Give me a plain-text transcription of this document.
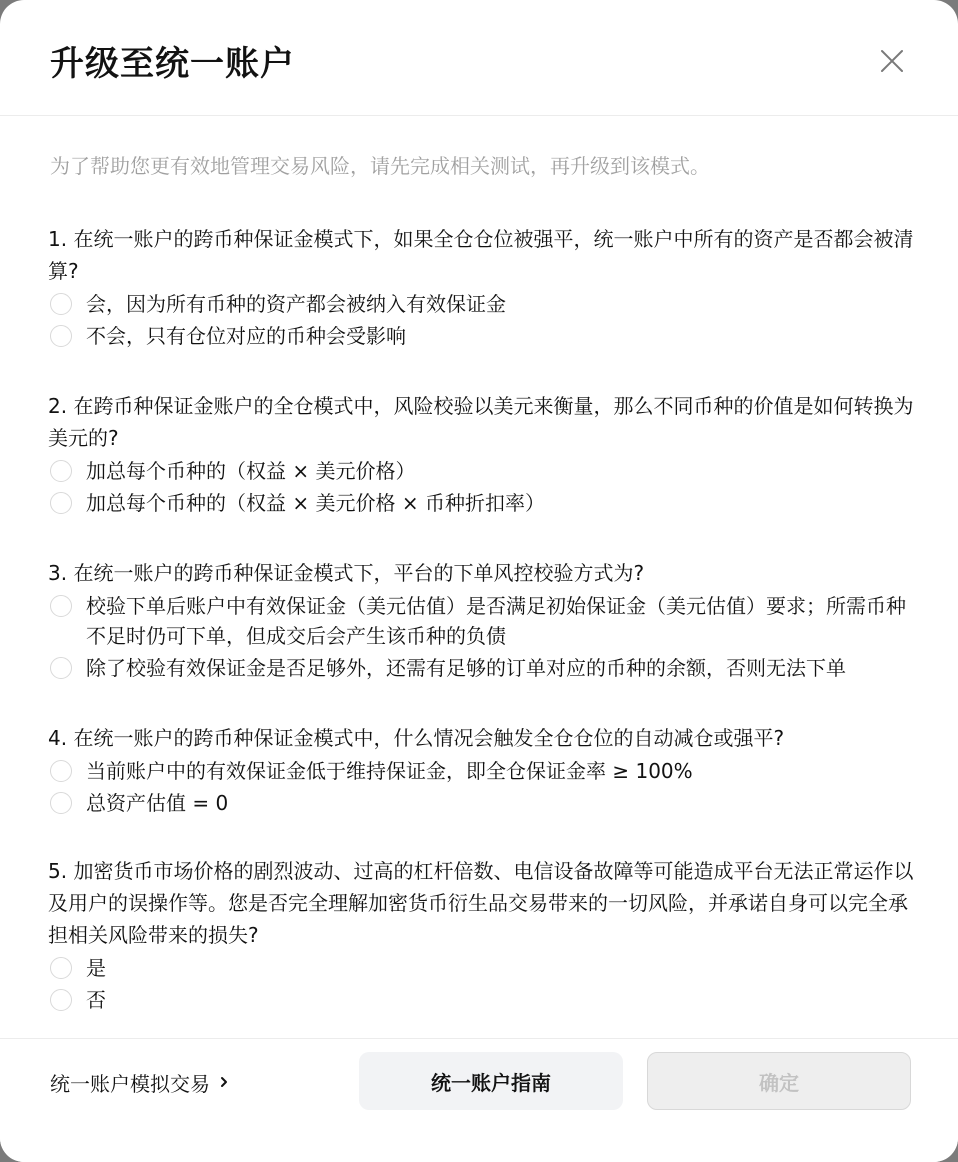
升级至统一账户

为了帮助您更有效地管理交易风险，请先完成相关测试，再升级到该模式。

1. 在统一账户的跨币种保证金模式下，如果全仓仓位被强平，统一账户中所有的资产是否都会被清算?

会，因为所有币种的资产都会被纳入有效保证金
不会，只有仓位对应的币种会受影响

2. 在跨币种保证金账户的全仓模式中，风险校验以美元来衡量，那么不同币种的价值是如何转换为美元的?

加总每个币种的（权益 × 美元价格）
加总每个币种的（权益 × 美元价格 × 币种折扣率）

3. 在统一账户的跨币种保证金模式下，平台的下单风控校验方式为?

校验下单后账户中有效保证金（美元估值）是否满足初始保证金（美元估值）要求；所需币种不足时仍可下单，但成交后会产生该币种的负债
除了校验有效保证金是否足够外，还需有足够的订单对应的币种的余额，否则无法下单

4. 在统一账户的跨币种保证金模式中，什么情况会触发全仓仓位的自动减仓或强平?

当前账户中的有效保证金低于维持保证金，即全仓保证金率 ≥ 100%
总资产估值 = 0

5. 加密货币市场价格的剧烈波动、过高的杠杆倍数、电信设备故障等可能造成平台无法正常运作以及用户的误操作等。您是否完全理解加密货币衍生品交易带来的一切风险，并承诺自身可以完全承担相关风险带来的损失?

是
否
统一账户模拟交易	统一账户指南	确定
